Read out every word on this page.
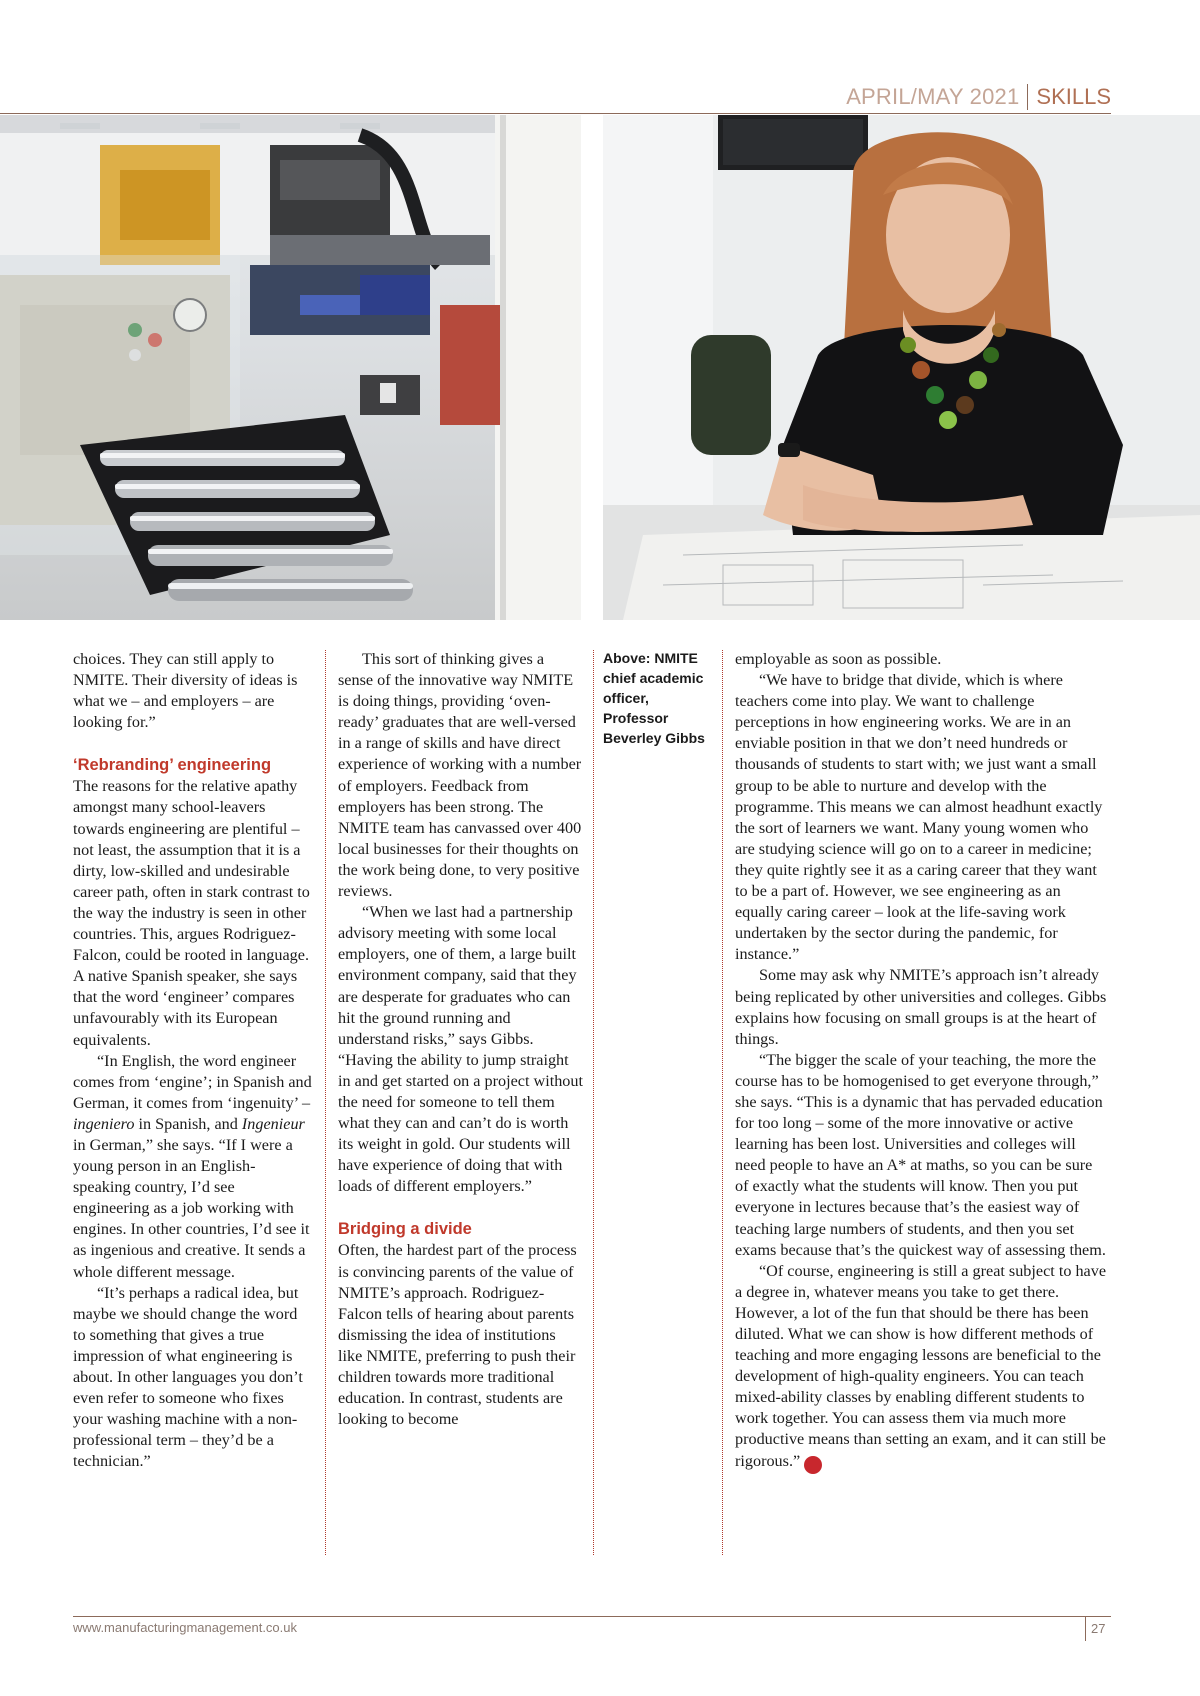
APRIL/MAY 2021 SKILLS

choices. They can still apply to NMITE. Their diversity of ideas is what we – and employers – are looking for.”

‘Rebranding’ engineering

The reasons for the relative apathy amongst many school-leavers towards engineering are plentiful – not least, the assumption that it is a dirty, low-skilled and undesirable career path, often in stark contrast to the way the industry is seen in other countries. This, argues Rodriguez-Falcon, could be rooted in language. A native Spanish speaker, she says that the word ‘engineer’ compares unfavourably with its European equivalents.

“In English, the word engineer comes from ‘engine’; in Spanish and German, it comes from ‘ingenuity’ – ingeniero in Spanish, and Ingenieur in German,” she says. “If I were a young person in an English-speaking country, I’d see engineering as a job working with engines. In other countries, I’d see it as ingenious and creative. It sends a whole different message.

“It’s perhaps a radical idea, but maybe we should change the word to something that gives a true impression of what engineering is about. In other languages you don’t even refer to someone who fixes your washing machine with a non-professional term – they’d be a technician.”

This sort of thinking gives a sense of the innovative way NMITE is doing things, providing ‘oven-ready’ graduates that are well-versed in a range of skills and have direct experience of working with a number of employers. Feedback from employers has been strong. The NMITE team has canvassed over 400 local businesses for their thoughts on the work being done, to very positive reviews.

“When we last had a partnership advisory meeting with some local employers, one of them, a large built environment company, said that they are desperate for graduates who can hit the ground running and understand risks,” says Gibbs. “Having the ability to jump straight in and get started on a project without the need for someone to tell them what they can and can’t do is worth its weight in gold. Our students will have experience of doing that with loads of different employers.”

Bridging a divide

Often, the hardest part of the process is convincing parents of the value of NMITE’s approach. Rodriguez-Falcon tells of hearing about parents dismissing the idea of institutions like NMITE, preferring to push their children towards more traditional education. In contrast, students are looking to become

Above: NMITE chief academic officer, Professor Beverley Gibbs

employable as soon as possible.

“We have to bridge that divide, which is where teachers come into play. We want to challenge perceptions in how engineering works. We are in an enviable position in that we don’t need hundreds or thousands of students to start with; we just want a small group to be able to nurture and develop with the programme. This means we can almost headhunt exactly the sort of learners we want. Many young women who are studying science will go on to a career in medicine; they quite rightly see it as a caring career that they want to be a part of. However, we see engineering as an equally caring career – look at the life-saving work undertaken by the sector during the pandemic, for instance.”

Some may ask why NMITE’s approach isn’t already being replicated by other universities and colleges. Gibbs explains how focusing on small groups is at the heart of things.

“The bigger the scale of your teaching, the more the course has to be homogenised to get everyone through,” she says. “This is a dynamic that has pervaded education for too long – some of the more innovative or active learning has been lost. Universities and colleges will need people to have an A* at maths, so you can be sure of exactly what the students will know. Then you put everyone in lectures because that’s the easiest way of teaching large numbers of students, and then you set exams because that’s the quickest way of assessing them.

“Of course, engineering is still a great subject to have a degree in, whatever means you take to get there. However, a lot of the fun that should be there has been diluted. What we can show is how different methods of teaching and more engaging lessons are beneficial to the development of high-quality engineers. You can teach mixed-ability classes by enabling different students to work together. You can assess them via much more productive means than setting an exam, and it can still be rigorous.” M

www.manufacturingmanagement.co.uk	27
